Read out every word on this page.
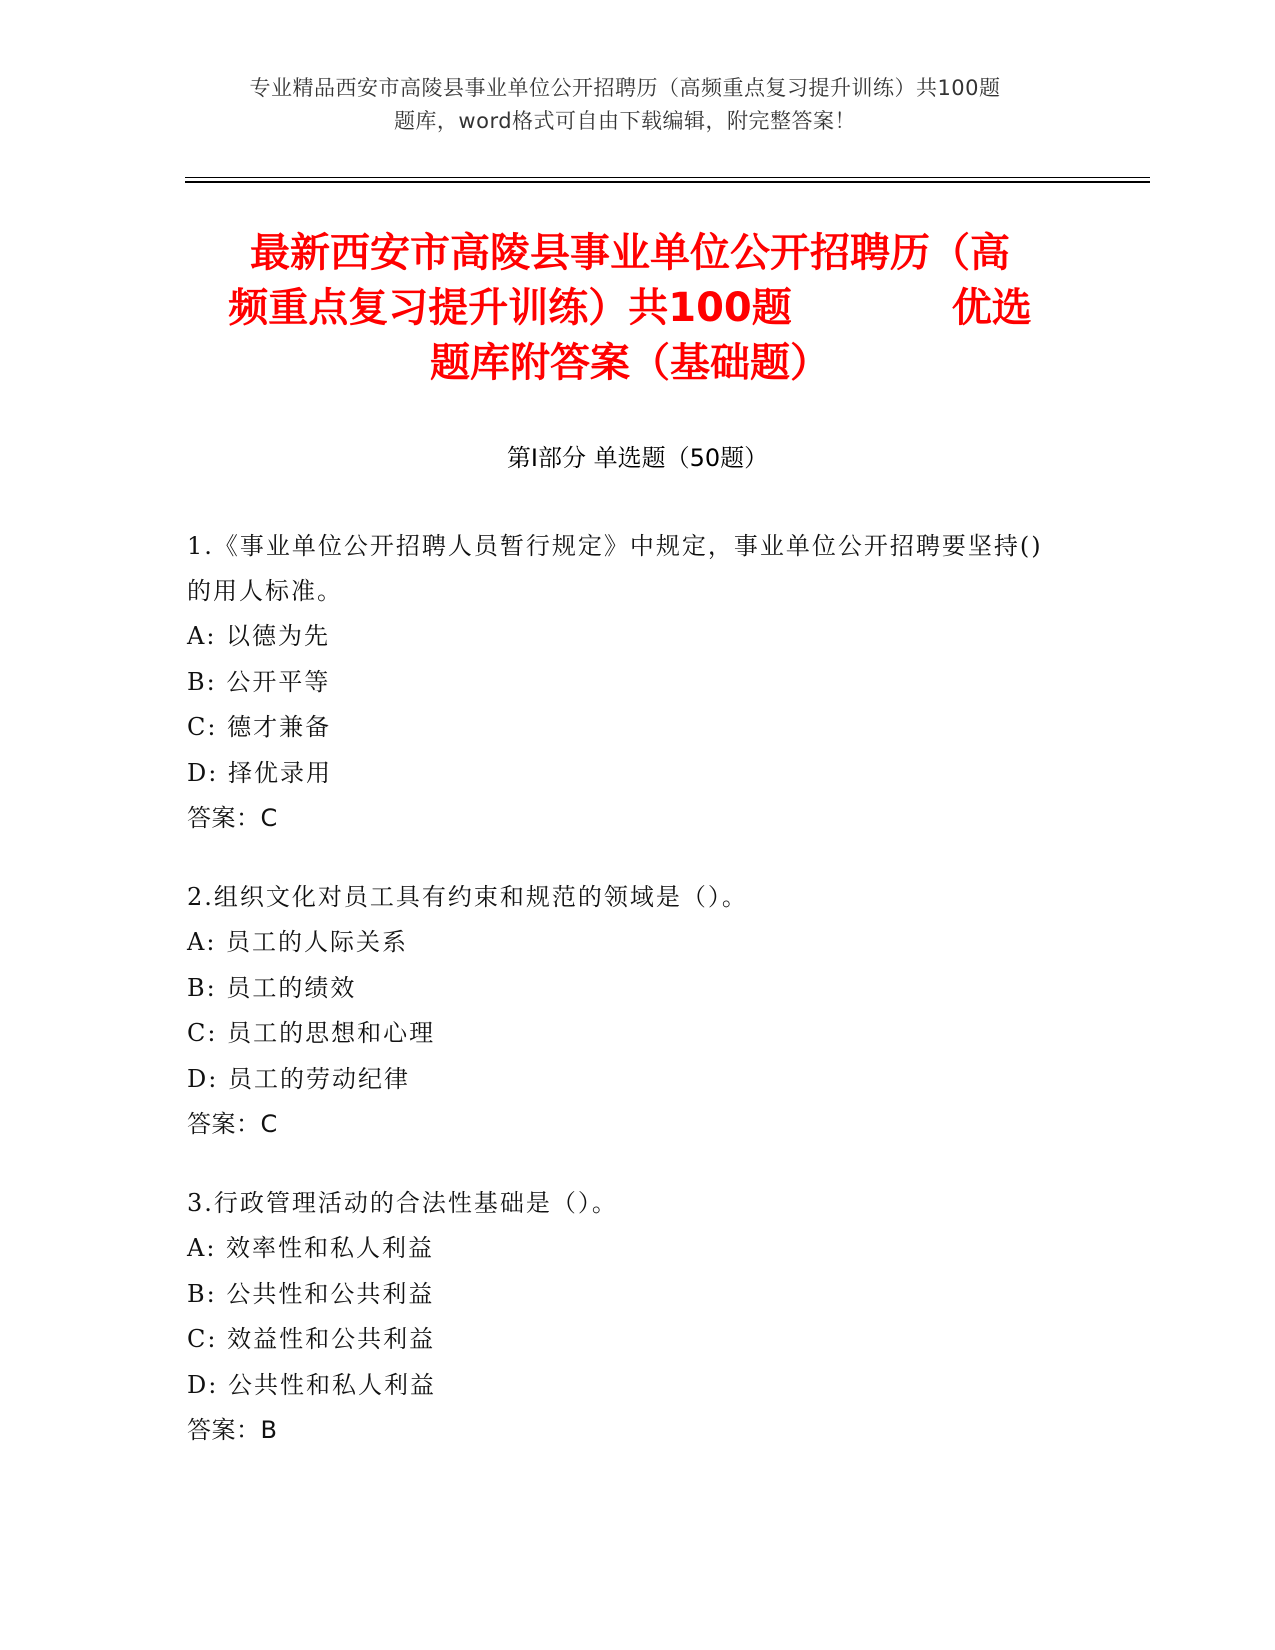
专业精品西安市高陵县事业单位公开招聘历（高频重点复习提升训练）共100题
题库，word格式可自由下载编辑，附完整答案！
最新西安市高陵县事业单位公开招聘历（高
频重点复习提升训练）共100题　　　　优选
题库附答案（基础题）
第Ⅰ部分 单选题（50题）
1.《事业单位公开招聘人员暂行规定》中规定，事业单位公开招聘要坚持()的用人标准。
A: 以德为先
B: 公开平等
C: 德才兼备
D: 择优录用
答案：C
2.组织文化对员工具有约束和规范的领域是（）。
A: 员工的人际关系
B: 员工的绩效
C: 员工的思想和心理
D: 员工的劳动纪律
答案：C
3.行政管理活动的合法性基础是（）。
A: 效率性和私人利益
B: 公共性和公共利益
C: 效益性和公共利益
D: 公共性和私人利益
答案：B
